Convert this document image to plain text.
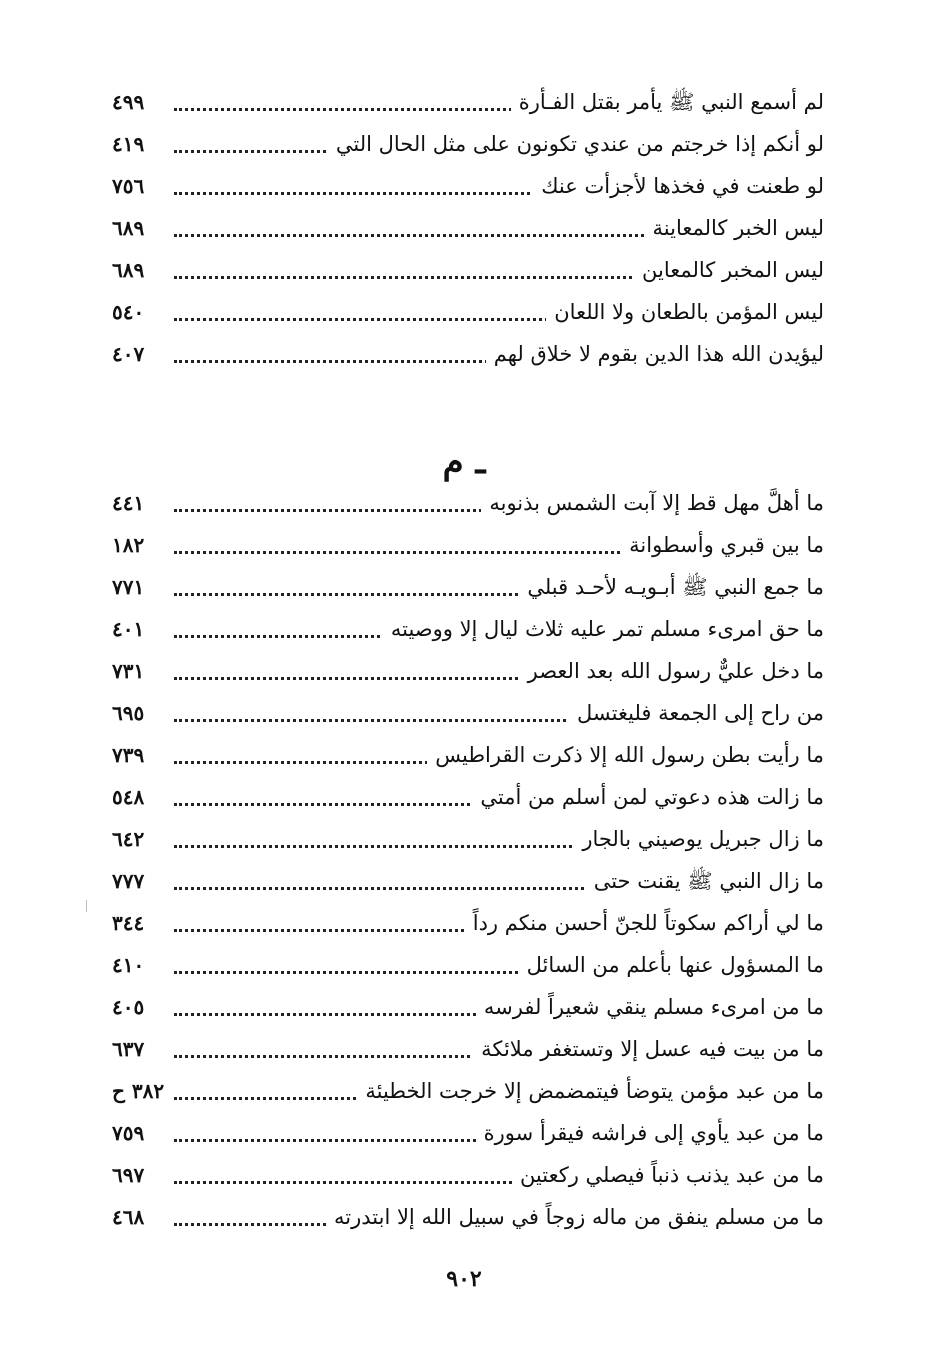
لم أسمع النبي ﷺ يأمر بقتل الفـأرة
٤٩٩
لو أنكم إذا خرجتم من عندي تكونون على مثل الحال التي
٤١٩
لو طعنت في فخذها لأجزأت عنك
٧٥٦
ليس الخبر كالمعاينة
٦٨٩
ليس المخبر كالمعاين
٦٨٩
ليس المؤمن بالطعان ولا اللعان
٥٤٠
ليؤيدن الله هذا الدين بقوم لا خلاق لهم
٤٠٧
ـ م
ما أهلَّ مهل قط إلا آبت الشمس بذنوبه
٤٤١
ما بين قبري وأسطوانة
١٨٢
ما جمع النبي ﷺ أبـويـه لأحـد قبلي
٧٧١
ما حق امرىء مسلم تمر عليه ثلاث ليال إلا ووصيته
٤٠١
ما دخل عليٌّ رسول الله بعد العصر
٧٣١
من راح إلى الجمعة فليغتسل
٦٩٥
ما رأيت بطن رسول الله إلا ذكرت القراطيس
٧٣٩
ما زالت هذه دعوتي لمن أسلم من أمتي
٥٤٨
ما زال جبريل يوصيني بالجار
٦٤٢
ما زال النبي ﷺ يقنت حتى
٧٧٧
ما لي أراكم سكوتاً للجنّ أحسن منكم رداً
٣٤٤
ما المسؤول عنها بأعلم من السائل
٤١٠
ما من امرىء مسلم ينقي شعيراً لفرسه
٤٠٥
ما من بيت فيه عسل إلا وتستغفر ملائكة
٦٣٧
ما من عبد مؤمن يتوضأ فيتمضمض إلا خرجت الخطيئة
٣٨٢ ح
ما من عبد يأوي إلى فراشه فيقرأ سورة
٧٥٩
ما من عبد يذنب ذنباً فيصلي ركعتين
٦٩٧
ما من مسلم ينفق من ماله زوجاً في سبيل الله إلا ابتدرته
٤٦٨
٩٠٢
